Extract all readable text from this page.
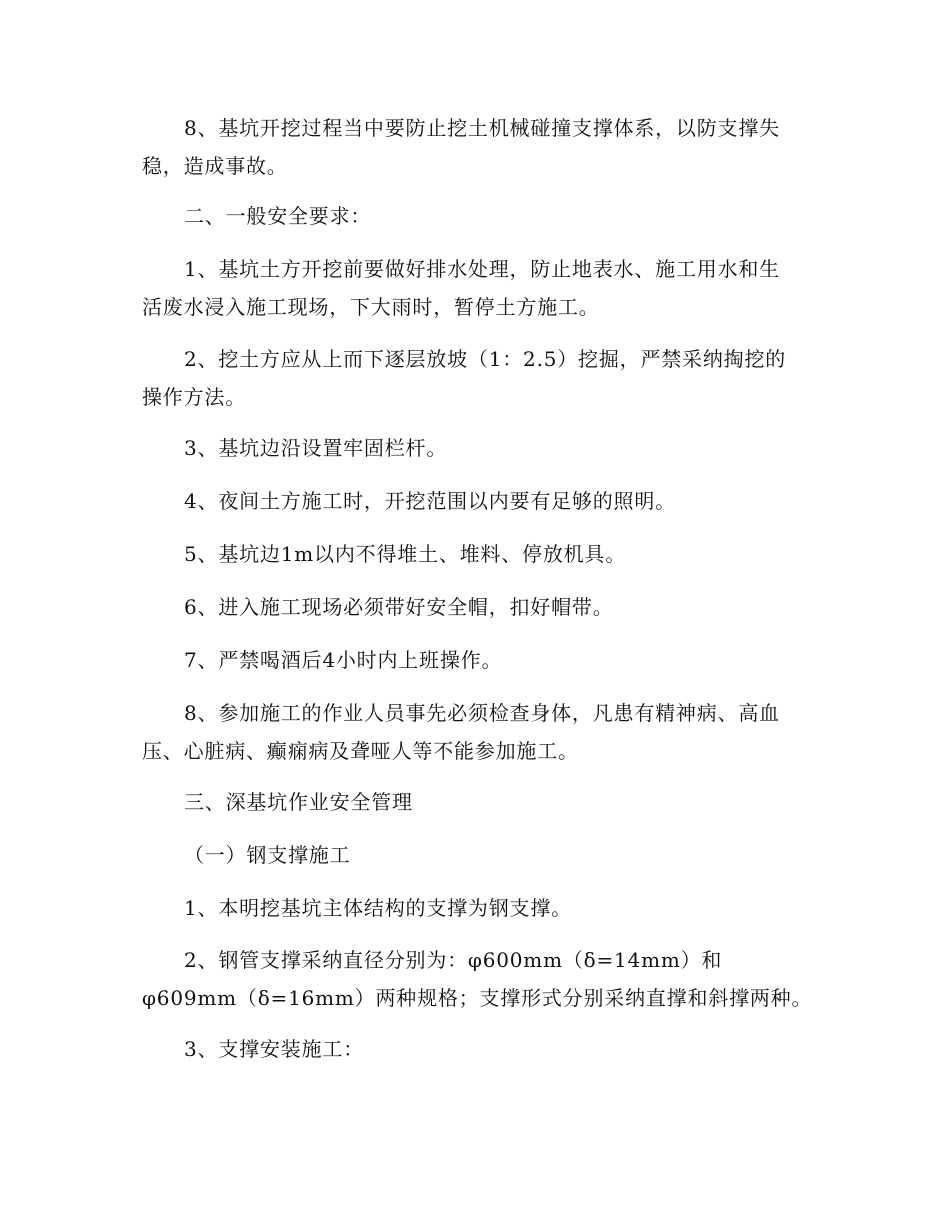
8、基坑开挖过程当中要防止挖土机械碰撞支撑体系，以防支撑失
稳，造成事故。
二、一般安全要求：
1、基坑土方开挖前要做好排水处理，防止地表水、施工用水和生
活废水浸入施工现场，下大雨时，暂停土方施工。
2、挖土方应从上而下逐层放坡（1：2.5）挖掘，严禁采纳掏挖的
操作方法。
3、基坑边沿设置牢固栏杆。
4、夜间土方施工时，开挖范围以内要有足够的照明。
5、基坑边1m以内不得堆土、堆料、停放机具。
6、进入施工现场必须带好安全帽，扣好帽带。
7、严禁喝酒后4小时内上班操作。
8、参加施工的作业人员事先必须检查身体，凡患有精神病、高血
压、心脏病、癫痫病及聋哑人等不能参加施工。
三、深基坑作业安全管理
（一）钢支撑施工
1、本明挖基坑主体结构的支撑为钢支撑。
2、钢管支撑采纳直径分别为：φ600mm（δ=14mm）和
φ609mm（δ=16mm）两种规格；支撑形式分别采纳直撑和斜撑两种。
3、支撑安装施工：
